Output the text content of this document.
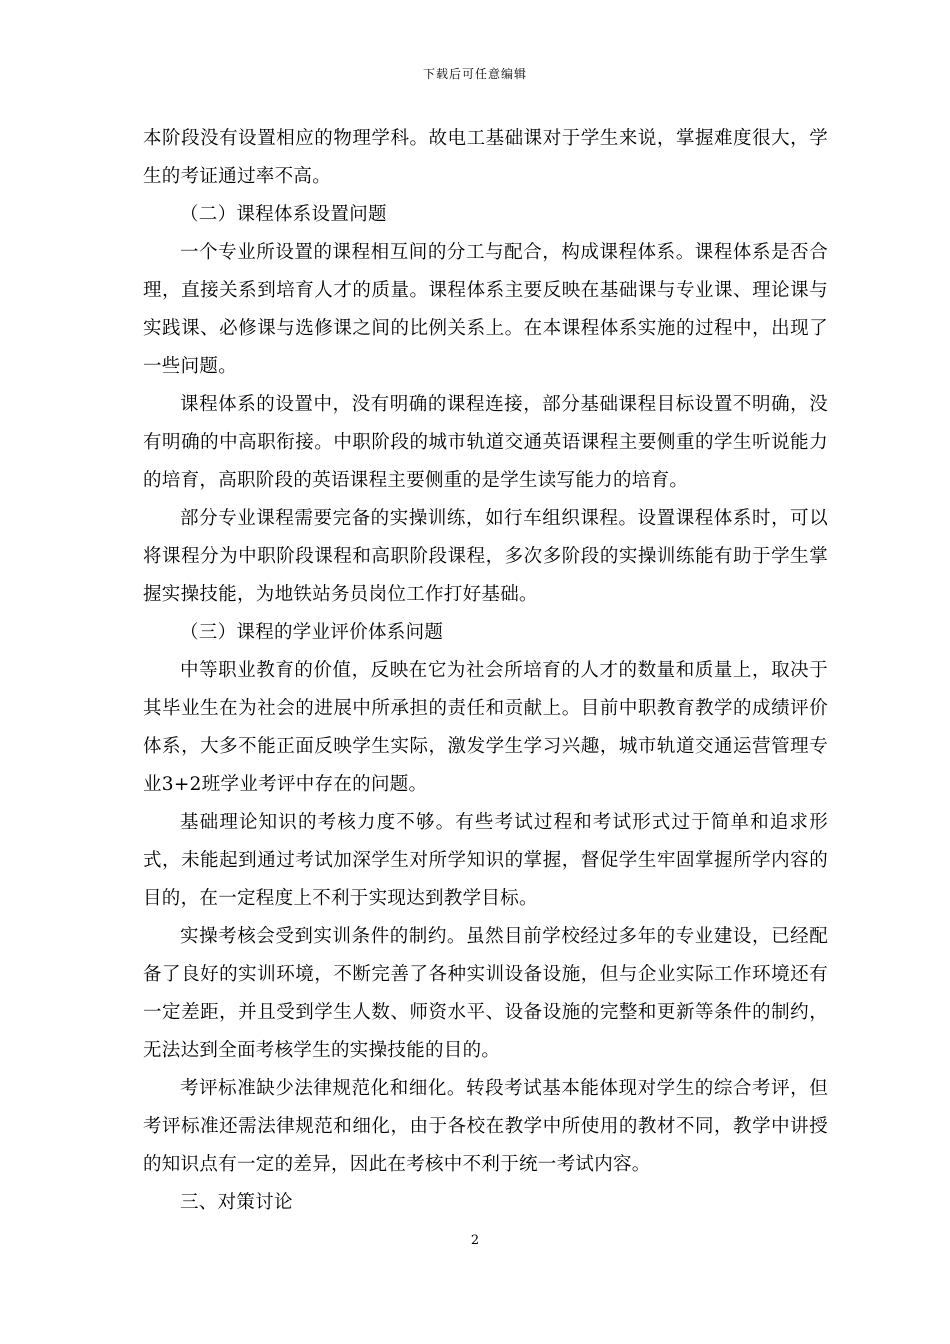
下载后可任意编辑

本阶段没有设置相应的物理学科。故电工基础课对于学生来说，掌握难度很大，学生的考证通过率不高。

（二）课程体系设置问题

一个专业所设置的课程相互间的分工与配合，构成课程体系。课程体系是否合理，直接关系到培育人才的质量。课程体系主要反映在基础课与专业课、理论课与实践课、必修课与选修课之间的比例关系上。在本课程体系实施的过程中，出现了一些问题。

课程体系的设置中，没有明确的课程连接，部分基础课程目标设置不明确，没有明确的中高职衔接。中职阶段的城市轨道交通英语课程主要侧重的学生听说能力的培育，高职阶段的英语课程主要侧重的是学生读写能力的培育。

部分专业课程需要完备的实操训练，如行车组织课程。设置课程体系时，可以将课程分为中职阶段课程和高职阶段课程，多次多阶段的实操训练能有助于学生掌握实操技能，为地铁站务员岗位工作打好基础。

（三）课程的学业评价体系问题

中等职业教育的价值，反映在它为社会所培育的人才的数量和质量上，取决于其毕业生在为社会的进展中所承担的责任和贡献上。目前中职教育教学的成绩评价体系，大多不能正面反映学生实际，激发学生学习兴趣，城市轨道交通运营管理专业3+2班学业考评中存在的问题。

基础理论知识的考核力度不够。有些考试过程和考试形式过于简单和追求形式，未能起到通过考试加深学生对所学知识的掌握，督促学生牢固掌握所学内容的目的，在一定程度上不利于实现达到教学目标。

实操考核会受到实训条件的制约。虽然目前学校经过多年的专业建设，已经配备了良好的实训环境，不断完善了各种实训设备设施，但与企业实际工作环境还有一定差距，并且受到学生人数、师资水平、设备设施的完整和更新等条件的制约，无法达到全面考核学生的实操技能的目的。

考评标准缺少法律规范化和细化。转段考试基本能体现对学生的综合考评，但考评标准还需法律规范和细化，由于各校在教学中所使用的教材不同，教学中讲授的知识点有一定的差异，因此在考核中不利于统一考试内容。

三、对策讨论

2
